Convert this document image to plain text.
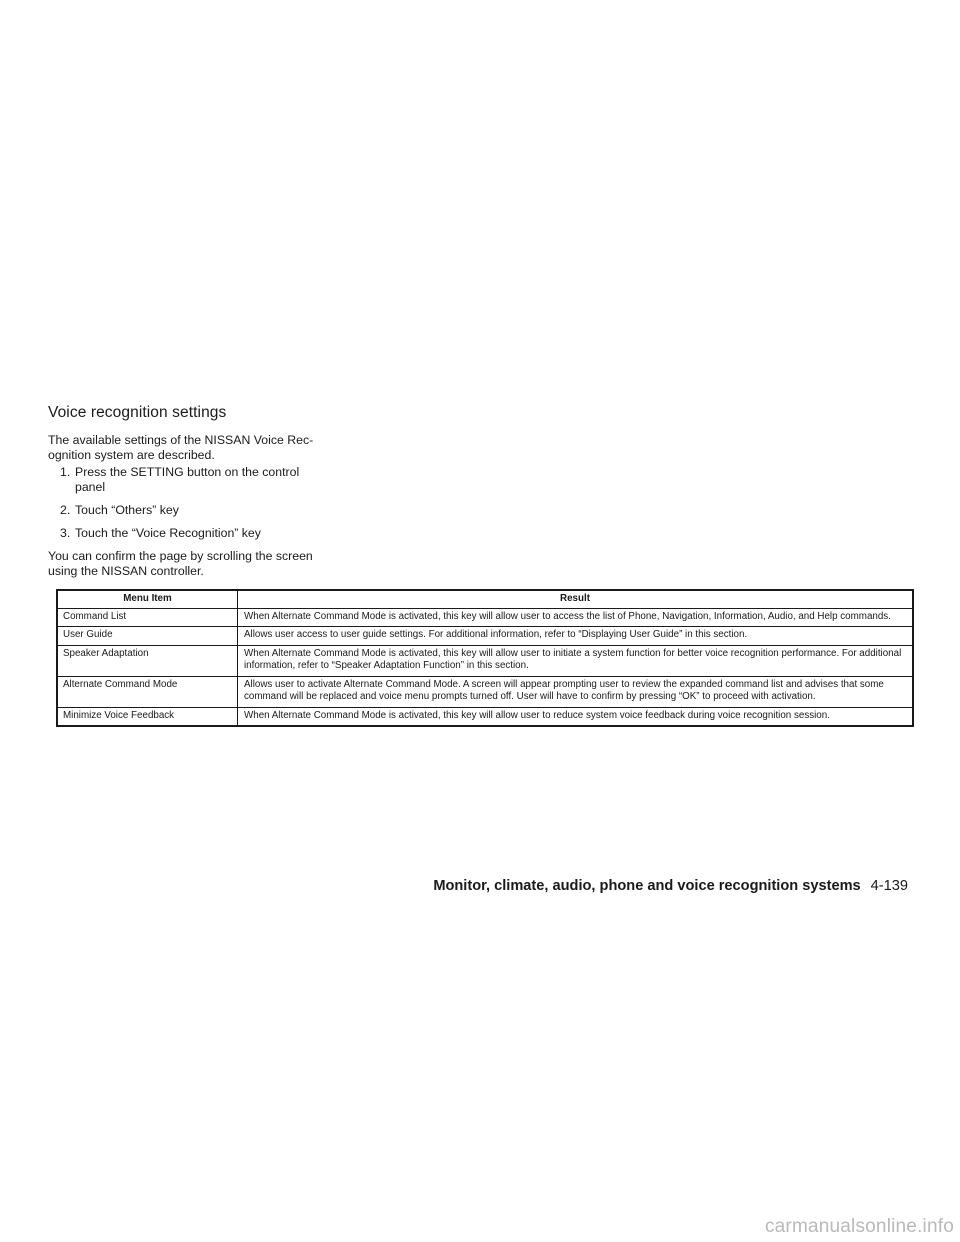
Voice recognition settings

The available settings of the NISSAN Voice Rec-
ognition system are described.

1. Press the SETTING button on the control panel
2. Touch “Others” key
3. Touch the “Voice Recognition” key

You can confirm the page by scrolling the screen using the NISSAN controller.

Menu Item	Result
Command List	When Alternate Command Mode is activated, this key will allow user to access the list of Phone, Navigation, Information, Audio, and Help commands.
User Guide	Allows user access to user guide settings. For additional information, refer to “Displaying User Guide” in this section.
Speaker Adaptation	When Alternate Command Mode is activated, this key will allow user to initiate a system function for better voice recognition performance. For additional information, refer to “Speaker Adaptation Function” in this section.
Alternate Command Mode	Allows user to activate Alternate Command Mode. A screen will appear prompting user to review the expanded command list and advises that some command will be replaced and voice menu prompts turned off. User will have to confirm by pressing “OK” to proceed with activation.
Minimize Voice Feedback	When Alternate Command Mode is activated, this key will allow user to reduce system voice feedback during voice recognition session.
Monitor, climate, audio, phone and voice recognition systems 4-139
carmanualsonline.info
